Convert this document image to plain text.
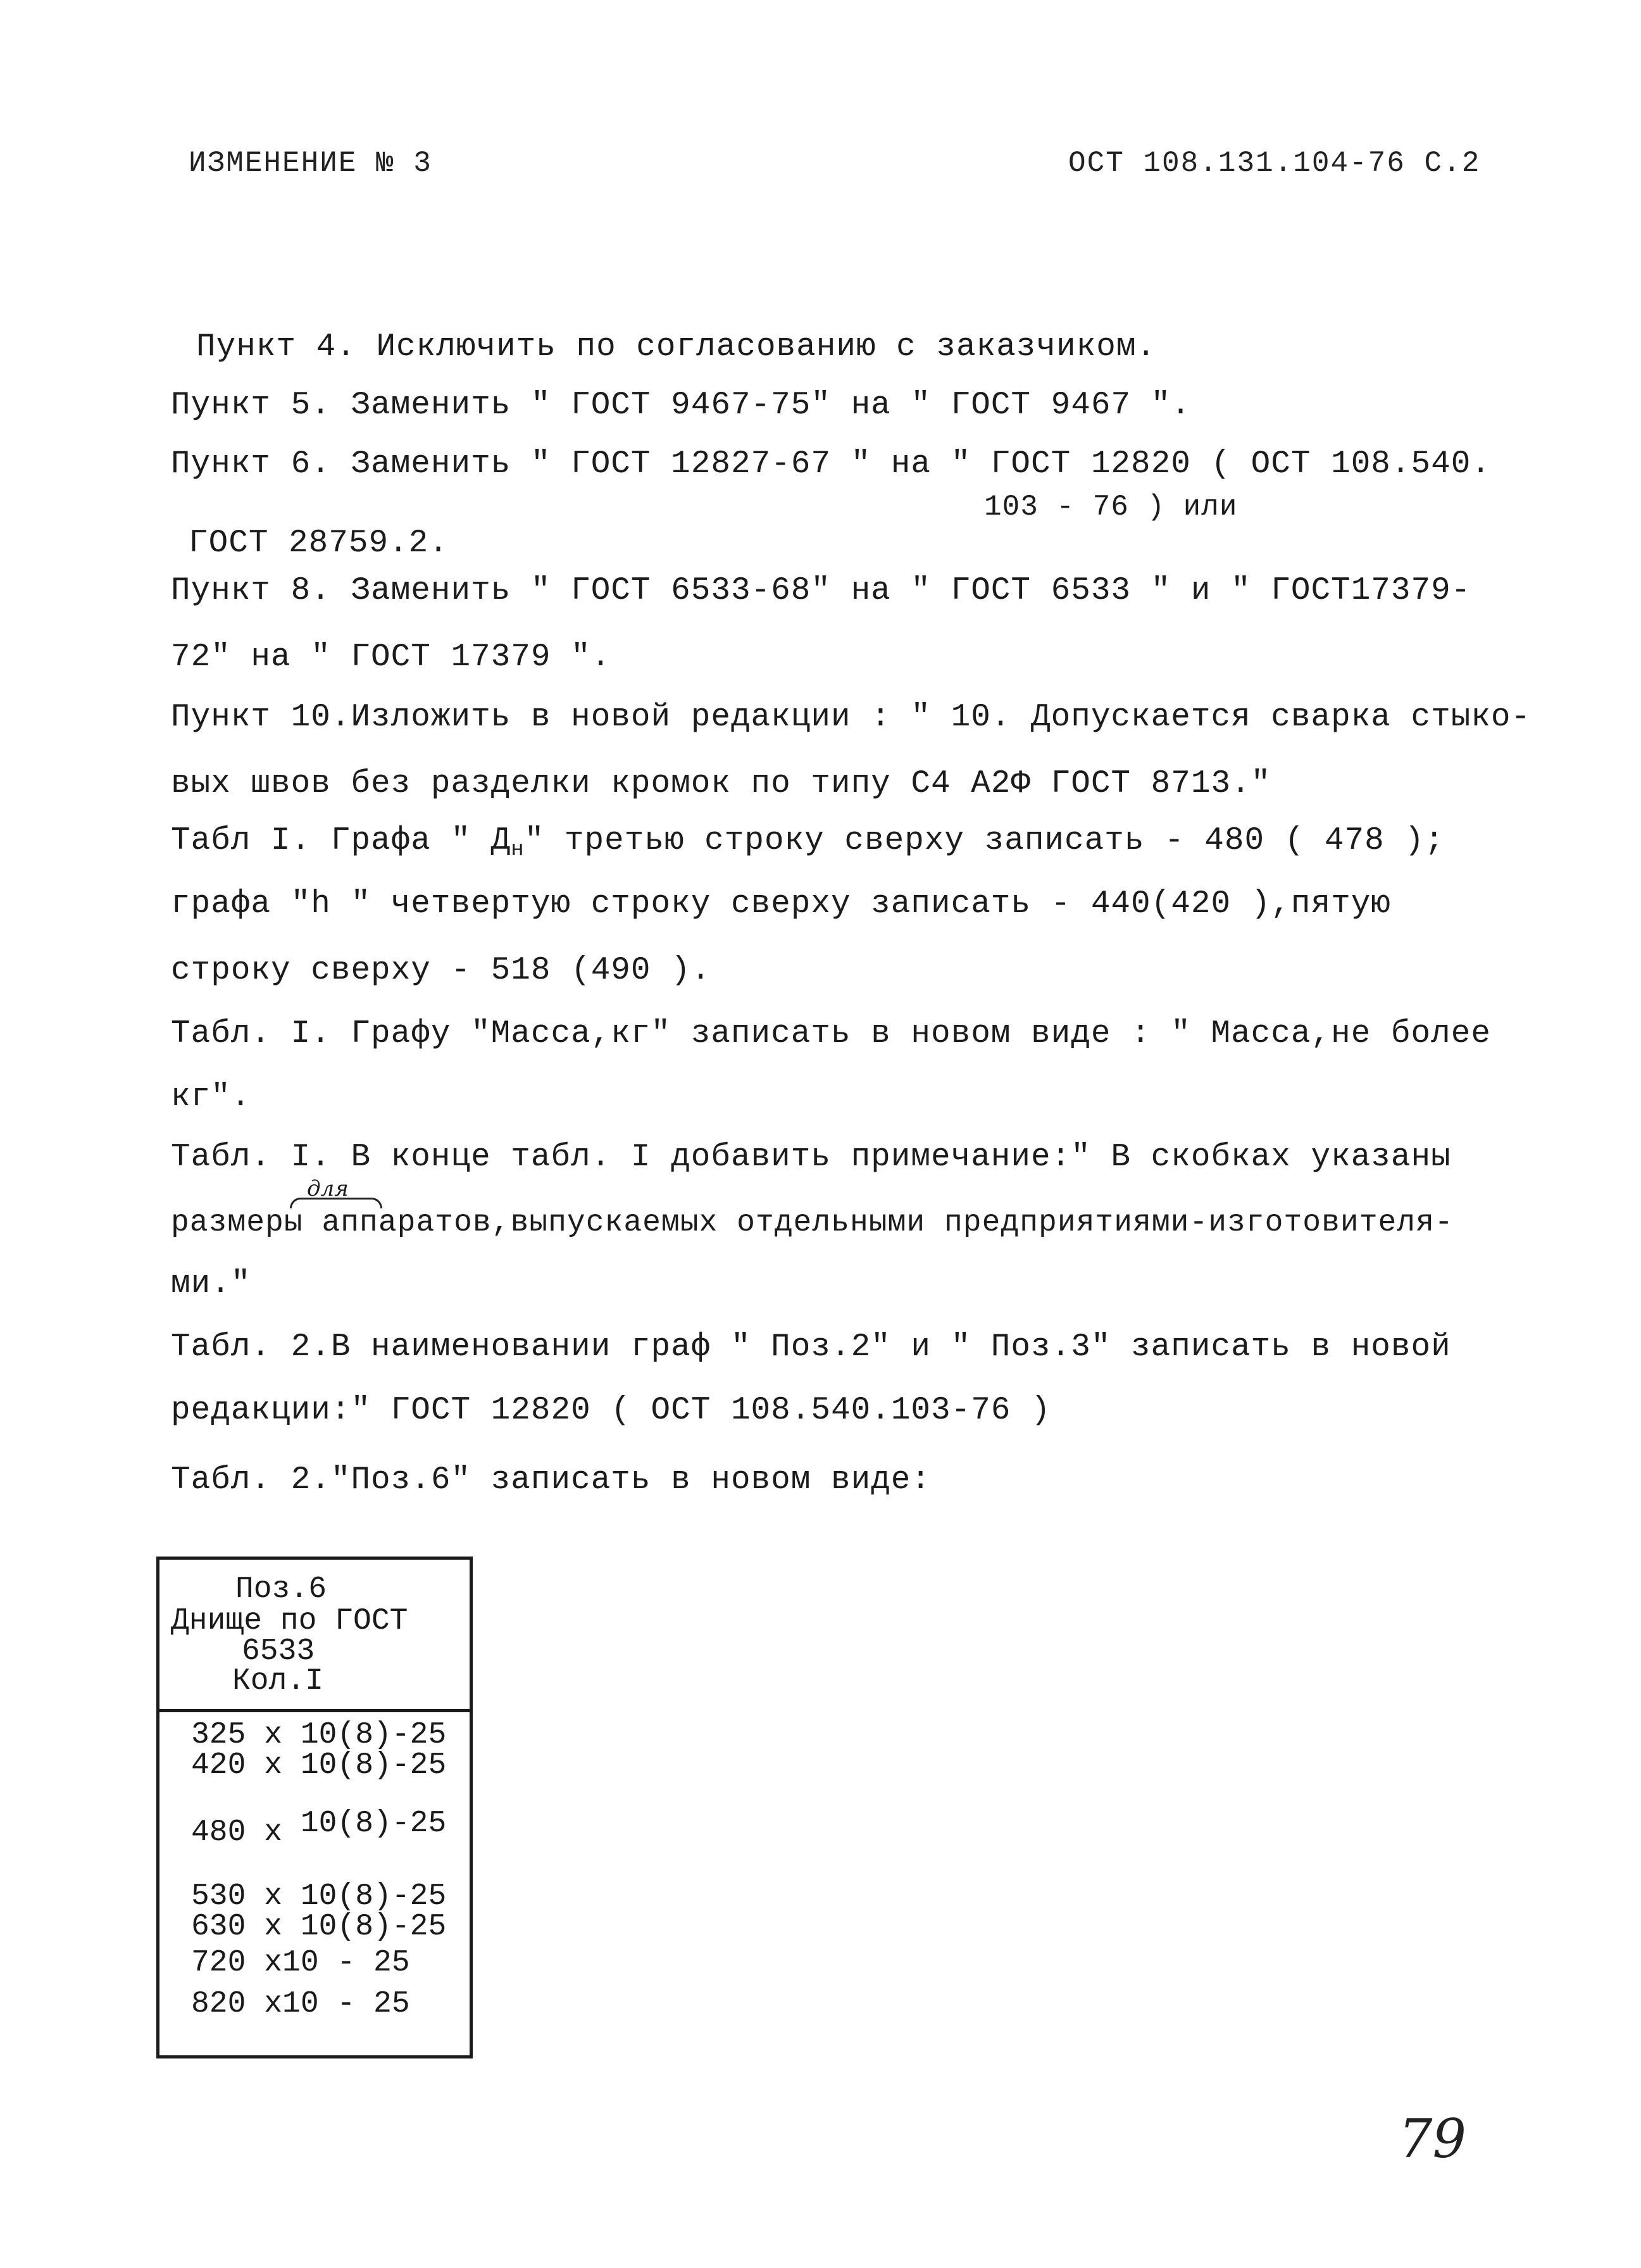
ИЗМЕНЕНИЕ № 3	ОСТ 108.131.104-76 С.2
Пункт 4. Исключить по согласованию с заказчиком.
Пункт 5. Заменить " ГОСТ 9467-75" на " ГОСТ 9467 ".
Пункт 6. Заменить " ГОСТ 12827-67 " на " ГОСТ 12820 ( ОСТ 108.540.
103 - 76 ) или
ГОСТ 28759.2.
Пункт 8. Заменить " ГОСТ 6533-68" на " ГОСТ 6533 " и " ГОСТ17379-
72" на " ГОСТ 17379 ".
Пункт 10.Изложить в новой редакции : " 10. Допускается сварка стыко-
вых швов без разделки кромок по типу С4 А2Ф ГОСТ 8713."
Табл I. Графа " $Д_н$" третью строку сверху записать - 480 ( 478 );
графа "h " четвертую строку сверху записать - 440(420 ),пятую
строку сверху - 518 (490 ).
Табл. I. Графу "Масса,кг" записать в новом виде : " Масса,не более
кг".
Табл. I. В конце табл. I добавить примечание:" В скобках указаны
для
размеры аппаратов,выпускаемых отдельными предприятиями-изготовителя-
ми."
Табл. 2.В наименовании граф " Поз.2" и " Поз.3" записать в новой
редакции:" ГОСТ 12820 ( ОСТ 108.540.103-76 )
Табл. 2."Поз.6" записать в новом виде:
Поз.6
Днище по ГОСТ
6533
Кол.I
325 x 10(8)-25
420 x 10(8)-25
480 x 10(8)-25
530 x 10(8)-25
630 x 10(8)-25
720 x10 - 25
820 x10 - 25
79
